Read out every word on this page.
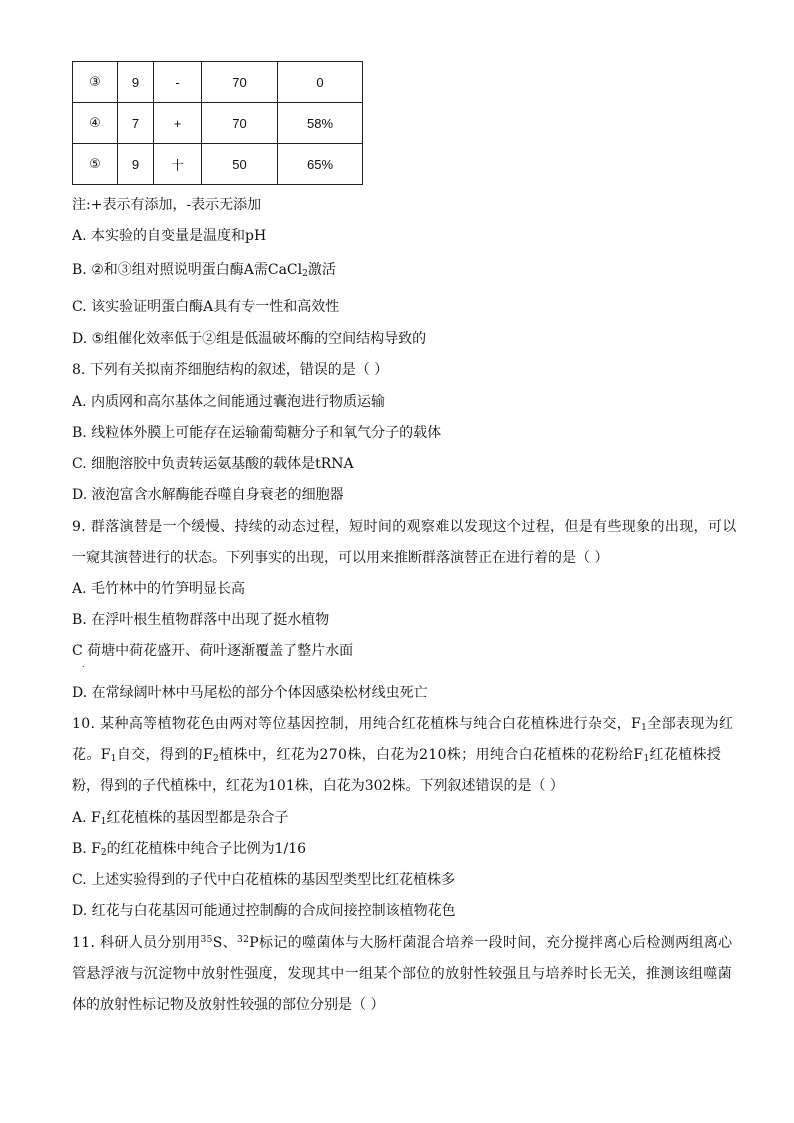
③	9	-	70	0
④	7	+	70	58%
⑤	9	十	50	65%
注:+表示有添加，-表示无添加
A. 本实验的自变量是温度和pH
B. ②和③组对照说明蛋白酶A需CaCl$_2$激活
C. 该实验证明蛋白酶A具有专一性和高效性
D. ⑤组催化效率低于②组是低温破坏酶的空间结构导致的
8. 下列有关拟南芥细胞结构的叙述，错误的是（ ）
A. 内质网和高尔基体之间能通过囊泡进行物质运输
B. 线粒体外膜上可能存在运输葡萄糖分子和氧气分子的载体
C. 细胞溶胶中负责转运氨基酸的载体是tRNA
D. 液泡富含水解酶能吞噬自身衰老的细胞器
9. 群落演替是一个缓慢、持续的动态过程，短时间的观察难以发现这个过程，但是有些现象的出现，可以
一窥其演替进行的状态。下列事实的出现，可以用来推断群落演替正在进行着的是（ ）
A. 毛竹林中的竹笋明显长高
B. 在浮叶根生植物群落中出现了挺水植物
C 荷塘中荷花盛开、荷叶逐渐覆盖了整片水面
.
D. 在常绿阔叶林中马尾松的部分个体因感染松材线虫死亡
10. 某种高等植物花色由两对等位基因控制，用纯合红花植株与纯合白花植株进行杂交，$F_1$全部表现为红
花。$F_1$自交，得到的$F_2$植株中，红花为270株，白花为210株；用纯合白花植株的花粉给$F_1$红花植株授
粉，得到的子代植株中，红花为101株，白花为302株。下列叙述错误的是（ ）
A. $F_1$红花植株的基因型都是杂合子
B. $F_2$的红花植株中纯合子比例为1/16
C. 上述实验得到的子代中白花植株的基因型类型比红花植株多
D. 红花与白花基因可能通过控制酶的合成间接控制该植物花色
11. 科研人员分别用$^{35}$S、$^{32}$P标记的噬菌体与大肠杆菌混合培养一段时间，充分搅拌离心后检测两组离心
管悬浮液与沉淀物中放射性强度，发现其中一组某个部位的放射性较强且与培养时长无关，推测该组噬菌
体的放射性标记物及放射性较强的部位分别是（ ）
